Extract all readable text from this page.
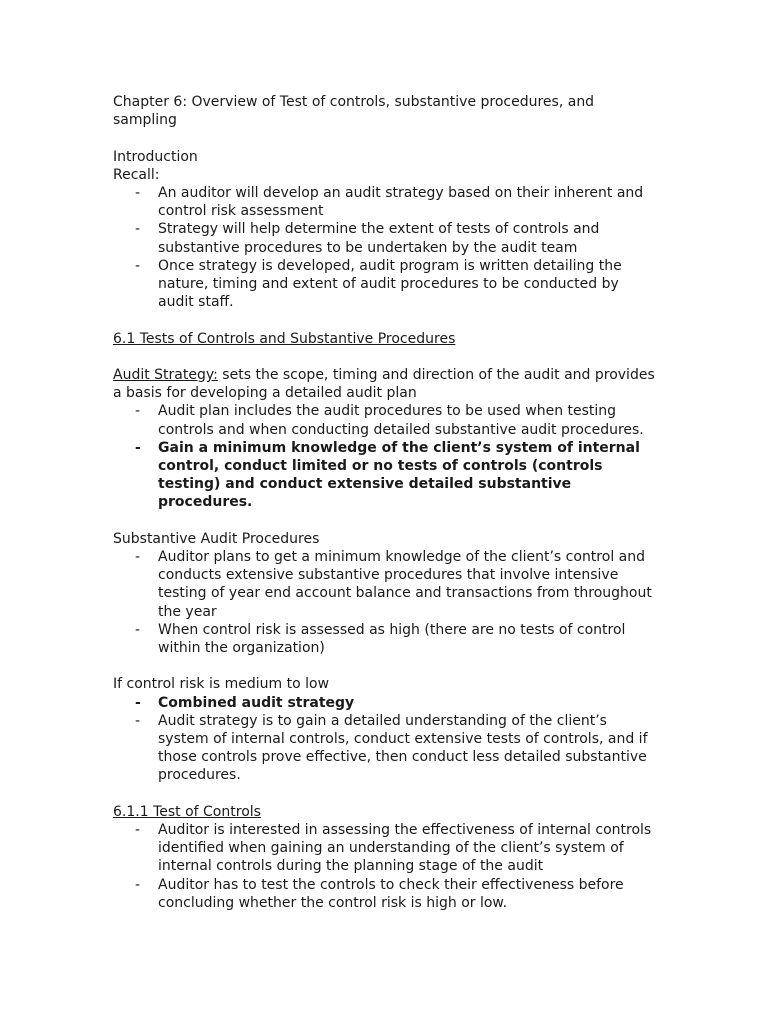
Chapter 6: Overview of Test of controls, substantive procedures, and sampling

Introduction

Recall:

- An auditor will develop an audit strategy based on their inherent and control risk assessment
- Strategy will help determine the extent of tests of controls and substantive procedures to be undertaken by the audit team
- Once strategy is developed, audit program is written detailing the nature, timing and extent of audit procedures to be conducted by audit staff.

6.1 Tests of Controls and Substantive Procedures

Audit Strategy: sets the scope, timing and direction of the audit and provides a basis for developing a detailed audit plan

- Audit plan includes the audit procedures to be used when testing controls and when conducting detailed substantive audit procedures.
- Gain a minimum knowledge of the client’s system of internal control, conduct limited or no tests of controls (controls testing) and conduct extensive detailed substantive procedures.

Substantive Audit Procedures

- Auditor plans to get a minimum knowledge of the client’s control and conducts extensive substantive procedures that involve intensive testing of year end account balance and transactions from throughout the year
- When control risk is assessed as high (there are no tests of control within the organization)

If control risk is medium to low

- Combined audit strategy
- Audit strategy is to gain a detailed understanding of the client’s system of internal controls, conduct extensive tests of controls, and if those controls prove effective, then conduct less detailed substantive procedures.

6.1.1 Test of Controls

- Auditor is interested in assessing the effectiveness of internal controls identified when gaining an understanding of the client’s system of internal controls during the planning stage of the audit
- Auditor has to test the controls to check their effectiveness before concluding whether the control risk is high or low.
